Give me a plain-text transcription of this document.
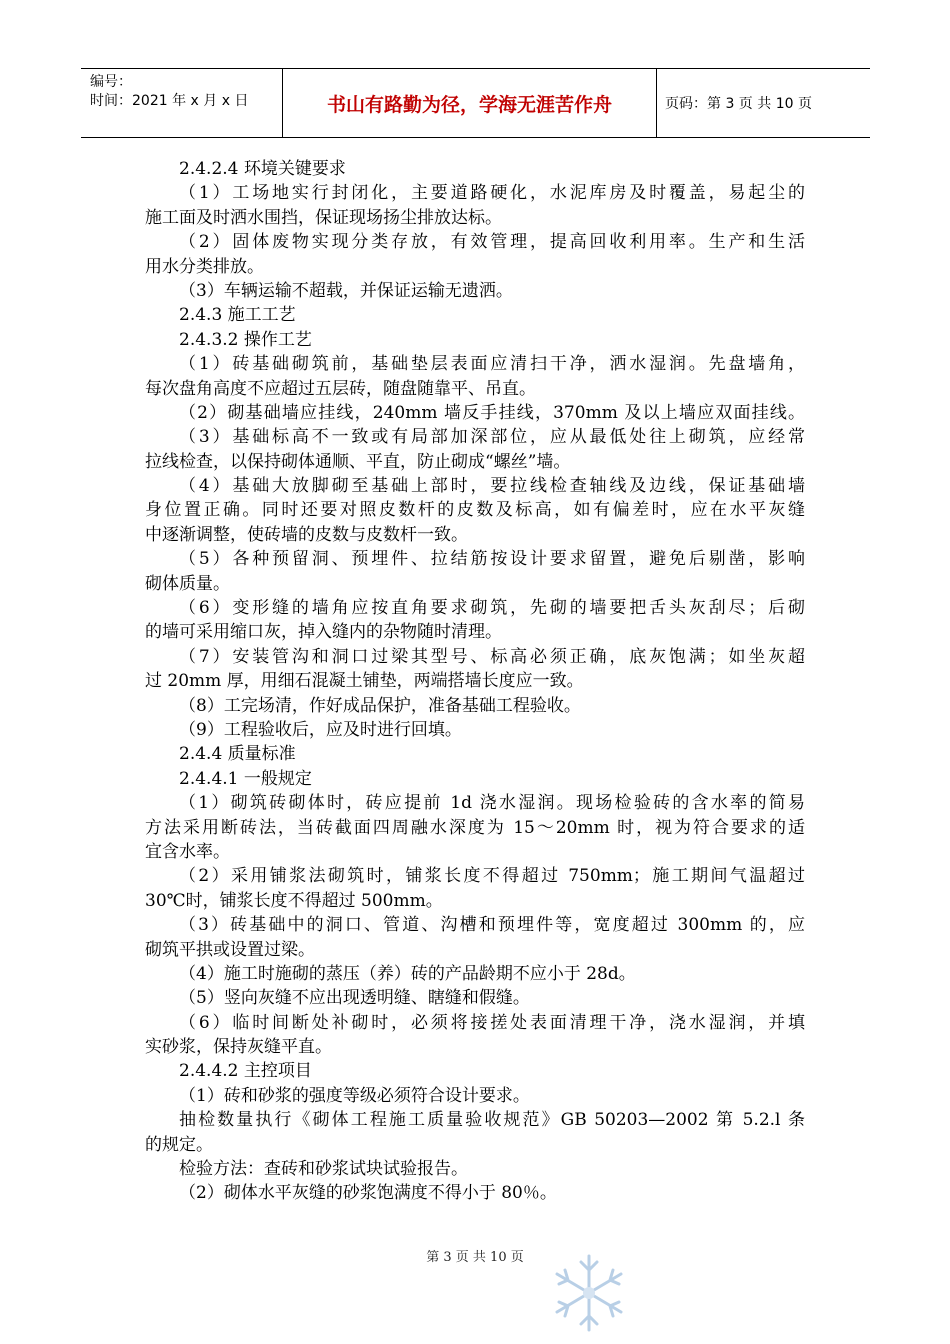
编号：
时间：2021 年 x 月 x 日	书山有路勤为径，学海无涯苦作舟	页码：第 3 页 共 10 页
2.4.2.4 环境关键要求
（1）工场地实行封闭化，主要道路硬化，水泥库房及时覆盖，易起尘的
施工面及时洒水围挡，保证现场扬尘排放达标。
（2）固体废物实现分类存放，有效管理，提高回收利用率。生产和生活
用水分类排放。
（3）车辆运输不超载，并保证运输无遗洒。
2.4.3 施工工艺
2.4.3.2 操作工艺
（1）砖基础砌筑前，基础垫层表面应清扫干净，洒水湿润。先盘墙角，
每次盘角高度不应超过五层砖，随盘随靠平、吊直。
（2）砌基础墙应挂线，240mm 墙反手挂线，370mm 及以上墙应双面挂线。
（3）基础标高不一致或有局部加深部位，应从最低处往上砌筑，应经常
拉线检查，以保持砌体通顺、平直，防止砌成“螺丝”墙。
（4）基础大放脚砌至基础上部时，要拉线检查轴线及边线，保证基础墙
身位置正确。同时还要对照皮数杆的皮数及标高，如有偏差时，应在水平灰缝
中逐渐调整，使砖墙的皮数与皮数杆一致。
（5）各种预留洞、预埋件、拉结筋按设计要求留置，避免后剔凿，影响
砌体质量。
（6）变形缝的墙角应按直角要求砌筑，先砌的墙要把舌头灰刮尽；后砌
的墙可采用缩口灰，掉入缝内的杂物随时清理。
（7）安装管沟和洞口过梁其型号、标高必须正确，底灰饱满；如坐灰超
过 20mm 厚，用细石混凝土铺垫，两端搭墙长度应一致。
（8）工完场清，作好成品保护，准备基础工程验收。
（9）工程验收后，应及时进行回填。
2.4.4 质量标准
2.4.4.1 一般规定
（1）砌筑砖砌体时，砖应提前 1d 浇水湿润。现场检验砖的含水率的简易
方法采用断砖法，当砖截面四周融水深度为 15～20mm 时，视为符合要求的适
宜含水率。
（2）采用铺浆法砌筑时，铺浆长度不得超过 750mm；施工期间气温超过
30℃时，铺浆长度不得超过 500mm。
（3）砖基础中的洞口、管道、沟槽和预埋件等，宽度超过 300mm 的，应
砌筑平拱或设置过梁。
（4）施工时施砌的蒸压（养）砖的产品龄期不应小于 28d。
（5）竖向灰缝不应出现透明缝、瞎缝和假缝。
（6）临时间断处补砌时，必须将接搓处表面清理干净，浇水湿润，并填
实砂浆，保持灰缝平直。
2.4.4.2 主控项目
（1）砖和砂浆的强度等级必须符合设计要求。
抽检数量执行《砌体工程施工质量验收规范》GB 50203—2002 第 5.2.l 条
的规定。
检验方法：查砖和砂浆试块试验报告。
（2）砌体水平灰缝的砂浆饱满度不得小于 80％。
第 3 页 共 10 页
